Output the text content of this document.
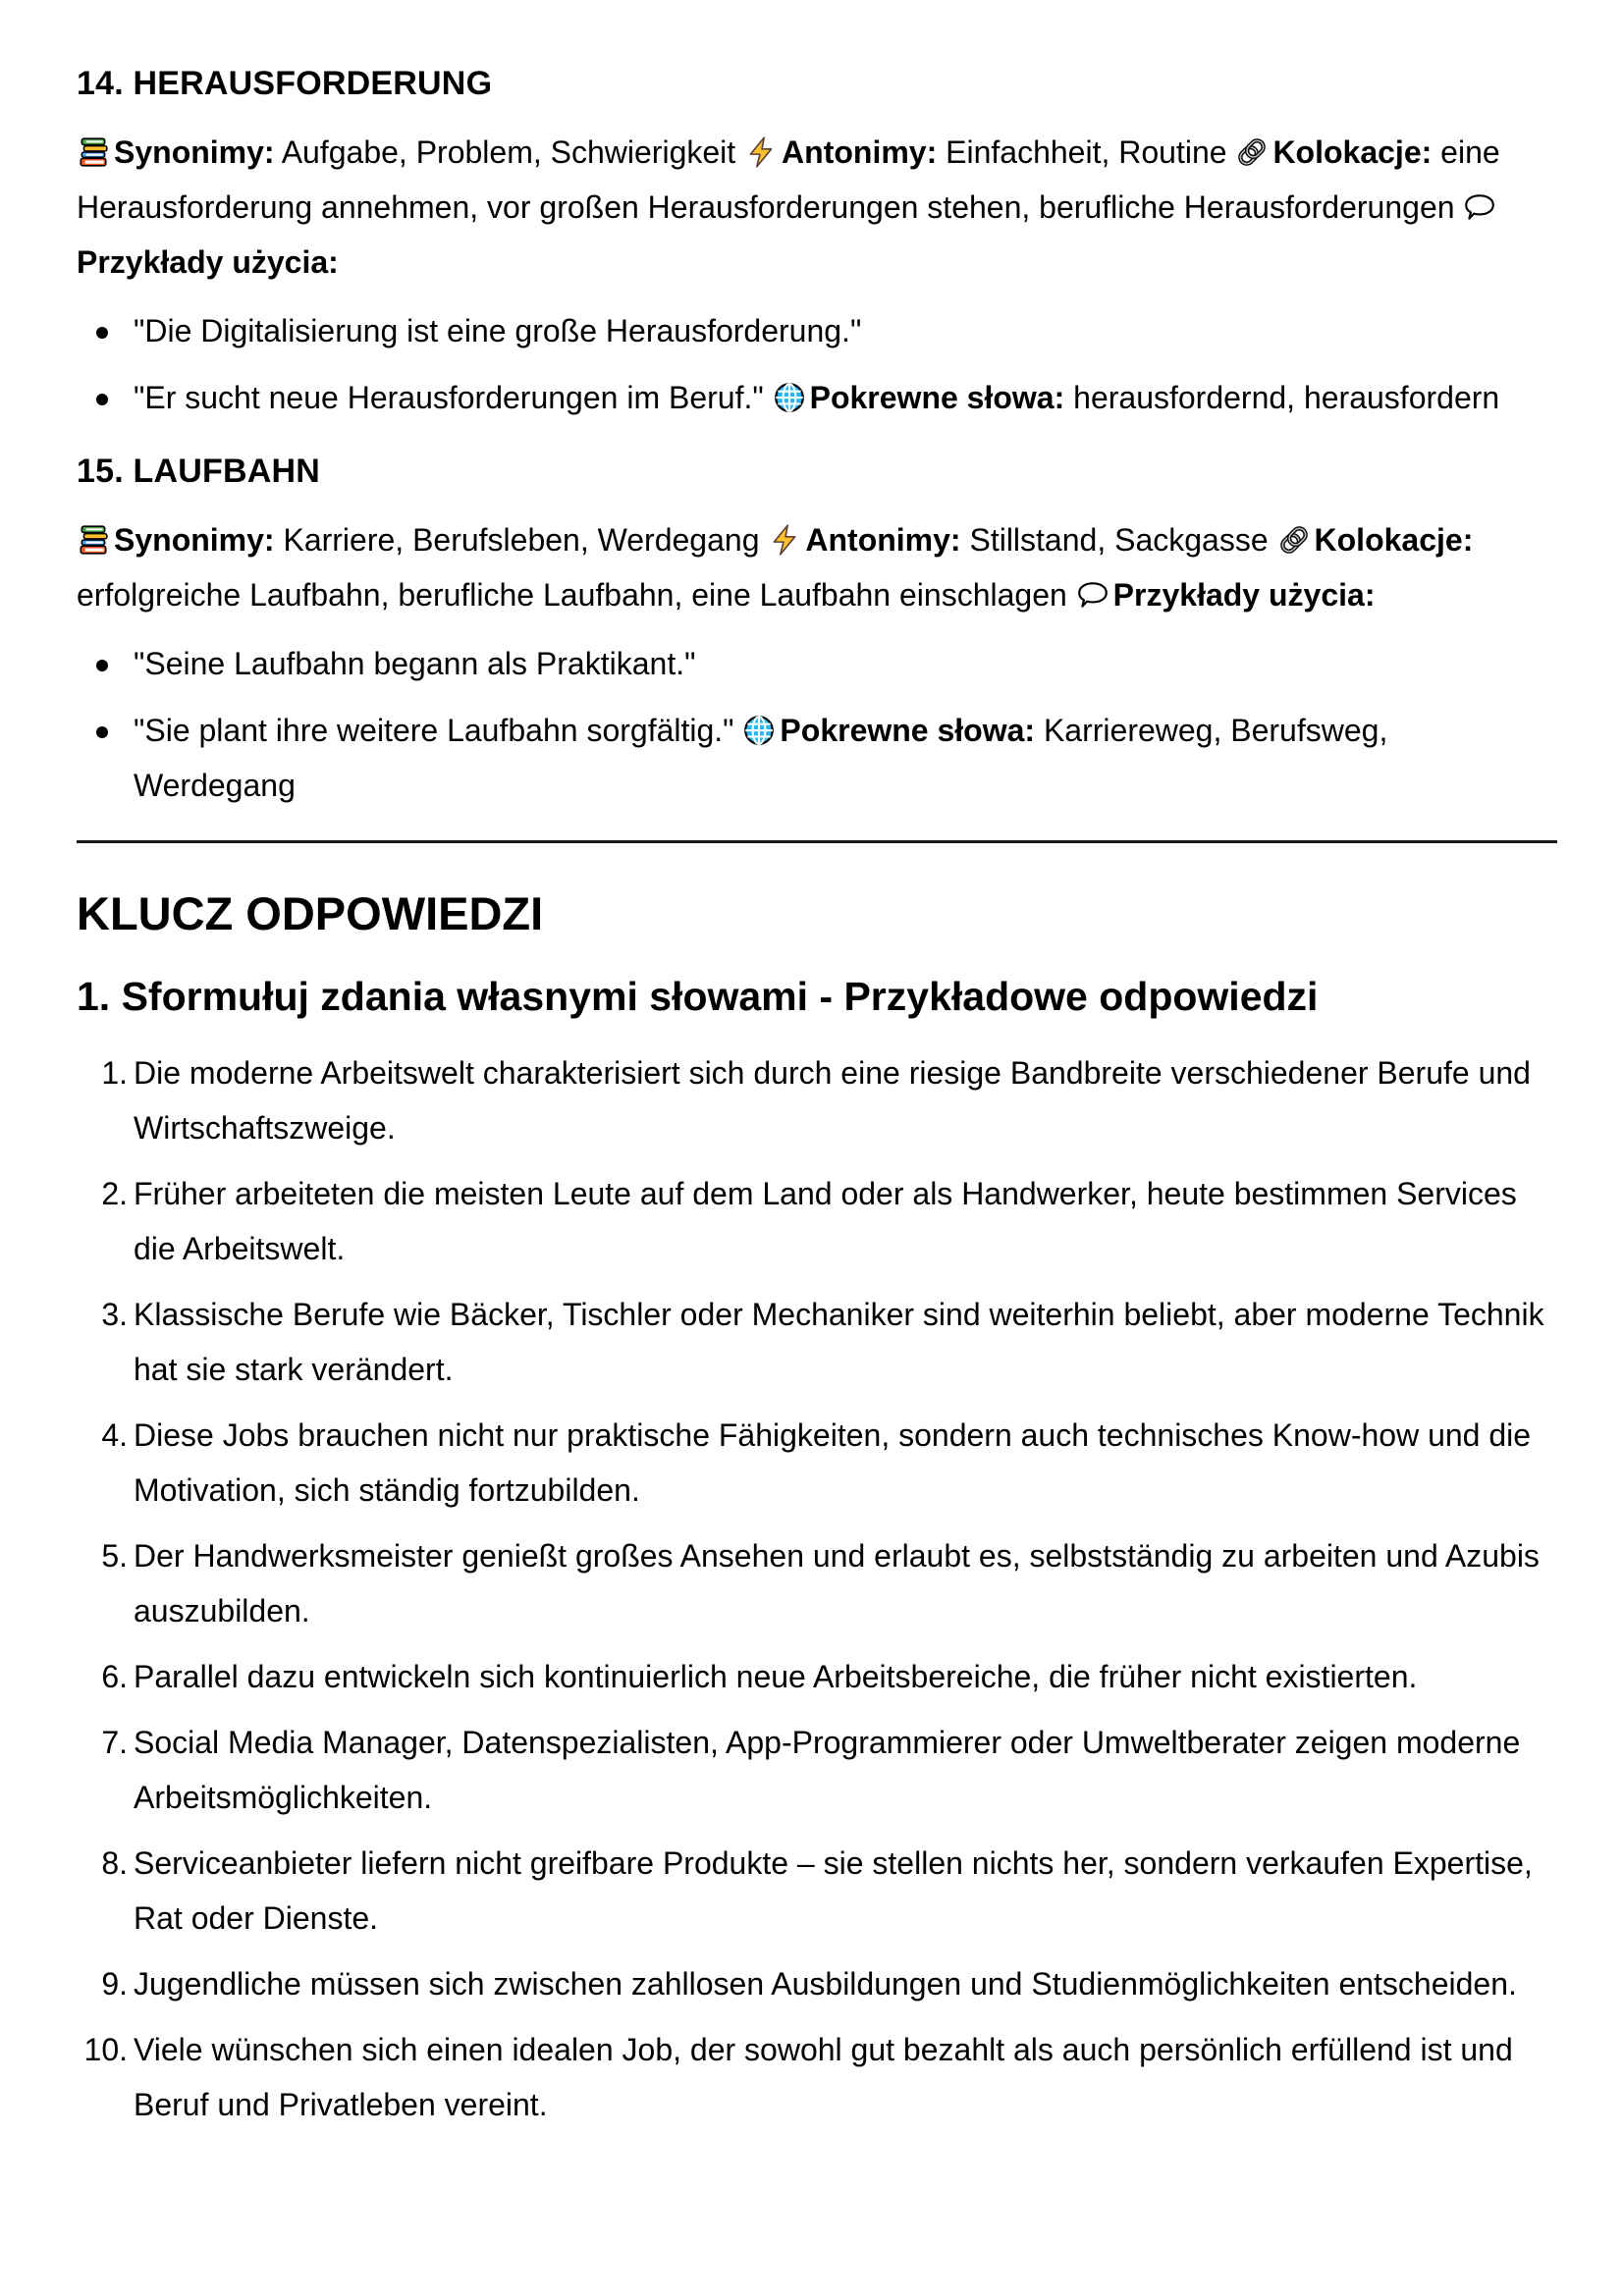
14. HERAUSFORDERUNG

Synonimy: Aufgabe, Problem, Schwierigkeit Antonimy: Einfachheit, Routine Kolokacje: eine Herausforderung annehmen, vor großen Herausforderungen stehen, berufliche Herausforderungen

Przykłady użycia:

"Die Digitalisierung ist eine große Herausforderung."
"Er sucht neue Herausforderungen im Beruf." Pokrewne słowa: herausfordernd, herausfordern
15. LAUFBAHN

Synonimy: Karriere, Berufsleben, Werdegang Antonimy: Stillstand, Sackgasse Kolokacje: erfolgreiche Laufbahn, berufliche Laufbahn, eine Laufbahn einschlagen Przykłady użycia:

"Seine Laufbahn begann als Praktikant."
"Sie plant ihre weitere Laufbahn sorgfältig." Pokrewne słowa: Karriereweg, Berufsweg, Werdegang
KLUCZ ODPOWIEDZI
1. Sformułuj zdania własnymi słowami - Przykładowe odpowiedzi
1. Die moderne Arbeitswelt charakterisiert sich durch eine riesige Bandbreite verschiedener Berufe und Wirtschaftszweige.
2. Früher arbeiteten die meisten Leute auf dem Land oder als Handwerker, heute bestimmen Services die Arbeitswelt.
3. Klassische Berufe wie Bäcker, Tischler oder Mechaniker sind weiterhin beliebt, aber moderne Technik hat sie stark verändert.
4. Diese Jobs brauchen nicht nur praktische Fähigkeiten, sondern auch technisches Know-how und die Motivation, sich ständig fortzubilden.
5. Der Handwerksmeister genießt großes Ansehen und erlaubt es, selbstständig zu arbeiten und Azubis auszubilden.
6. Parallel dazu entwickeln sich kontinuierlich neue Arbeitsbereiche, die früher nicht existierten.
7. Social Media Manager, Datenspezialisten, App-Programmierer oder Umweltberater zeigen moderne Arbeitsmöglichkeiten.
8. Serviceanbieter liefern nicht greifbare Produkte – sie stellen nichts her, sondern verkaufen Expertise, Rat oder Dienste.
9. Jugendliche müssen sich zwischen zahllosen Ausbildungen und Studienmöglichkeiten entscheiden.
10. Viele wünschen sich einen idealen Job, der sowohl gut bezahlt als auch persönlich erfüllend ist und Beruf und Privatleben vereint.
